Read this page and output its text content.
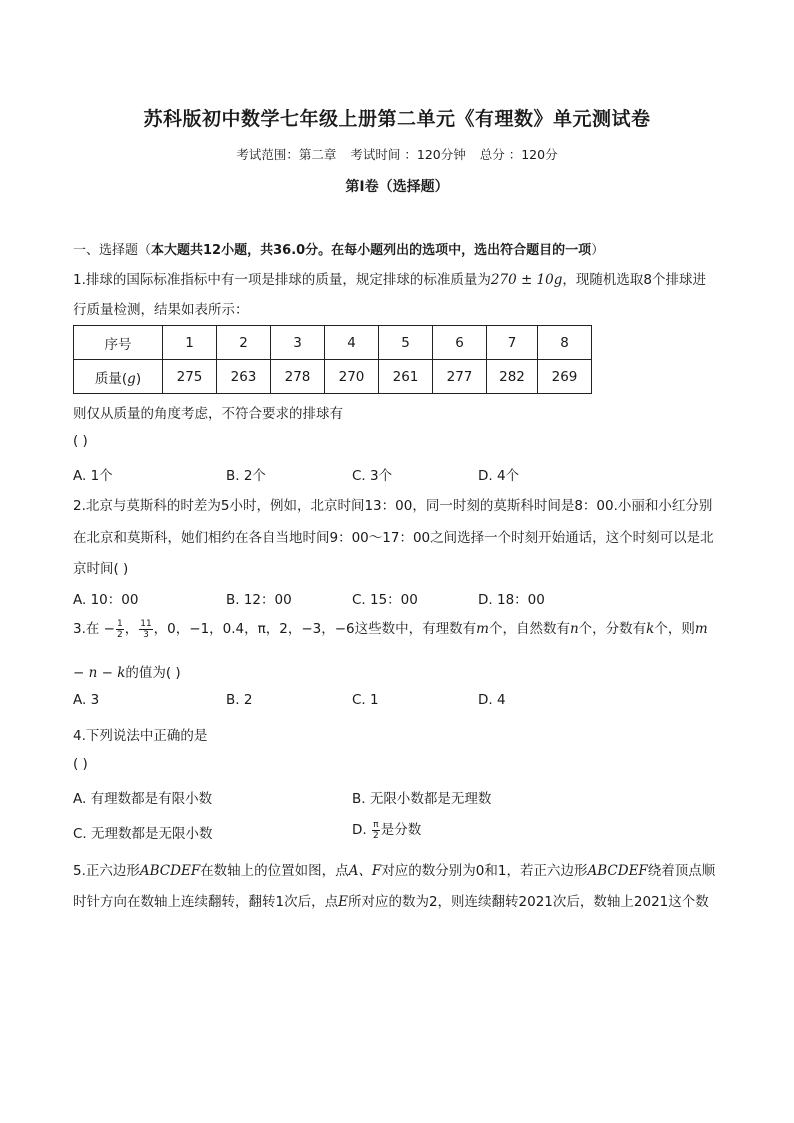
苏科版初中数学七年级上册第二单元《有理数》单元测试卷
考试范围：第二章 考试时间 ：120分钟 总分 ：120分
第Ⅰ卷（选择题）
一、选择题（本大题共12小题，共36.0分。在每小题列出的选项中，选出符合题目的一项）
1.排球的国际标准指标中有一项是排球的质量，规定排球的标准质量为270 ± 10g，现随机选取8个排球进
行质量检测，结果如表所示：
序号	1	2	3	4	5	6	7	8
质量(g)	275	263	278	270	261	277	282	269
则仅从质量的角度考虑，不符合要求的排球有
( )
A. 1个	B. 2个	C. 3个	D. 4个
2.北京与莫斯科的时差为5小时，例如，北京时间13：00，同一时刻的莫斯科时间是8：00.小丽和小红分别
在北京和莫斯科，她们相约在各自当地时间9：00～17：00之间选择一个时刻开始通话，这个时刻可以是北
京时间( )
A. 10：00	B. 12：00	C. 15：00	D. 18：00
3.在 − $\frac{1}{2}$ ， $\frac{11}{3}$ ，0，−1，0.4，π，2，−3，−6这些数中，有理数有m个，自然数有n个，分数有k个，则m
− n − k的值为( )
A. 3	B. 2	C. 1	D. 4
4.下列说法中正确的是
( )
A. 有理数都是有限小数	B. 无限小数都是无理数
C. 无理数都是无限小数	D. $\frac{\pi}{2}$ 是分数
5.正六边形ABCDEF在数轴上的位置如图，点A、F对应的数分别为0和1，若正六边形ABCDEF绕着顶点顺
时针方向在数轴上连续翻转，翻转1次后，点E所对应的数为2，则连续翻转2021次后，数轴上2021这个数
